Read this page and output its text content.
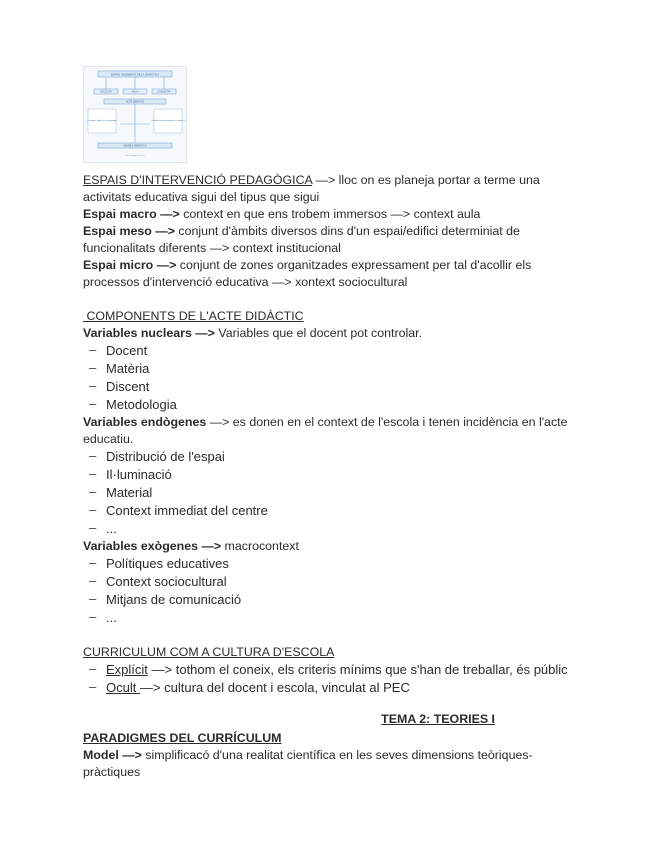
ESPAIS I ELEMENTS DE LA DIDÀCTICA
ESCOLAR	AULA	COMUNITAT
ACTE DIDÀCTIC
Contingut, objectius, metodologia	Variables nuclears endògenes i exògenes
MODELS DIDÀCTICS
Font: Imatge de l'autor

ESPAIS D'INTERVENCIÓ PEDAGÒGICA —> lloc on es planeja portar a terme una activitats educativa sigui del tipus que sigui

Espai macro —> context en que ens trobem immersos —> context aula

Espai meso —> conjunt d'àmbits diversos dins d'un espai/edifici determiniat de funcionalitats diferents —> context institucional

Espai micro —> conjunt de zones organitzades expressament per tal d'acollir els processos d'intervenció educativa —> xontext sociocultural

COMPONENTS DE L'ACTE DIDÀCTIC

Variables nuclears —> Variables que el docent pot controlar.

– Docent
– Matèria
– Discent
– Metodologia

Variables endògenes —> es donen en el context de l'escola i tenen incidència en l'acte educatiu.

– Distribució de l'espai
– Il·luminació
– Material
– Context immediat del centre
– ...

Variables exògenes —> macrocontext

– Polítiques educatives
– Context sociocultural
– Mitjans de comunicació
– ...

CURRICULUM COM A CULTURA D'ESCOLA

– Explícit —> tothom el coneix, els criteris mínims que s'han de treballar, és públic
– Ocult —> cultura del docent i escola, vinculat al PEC

TEMA 2: TEORIES I

PARADIGMES DEL CURRÍCULUM

Model —> simplificacó d'una realitat científica en les seves dimensions teòriques-pràctiques
